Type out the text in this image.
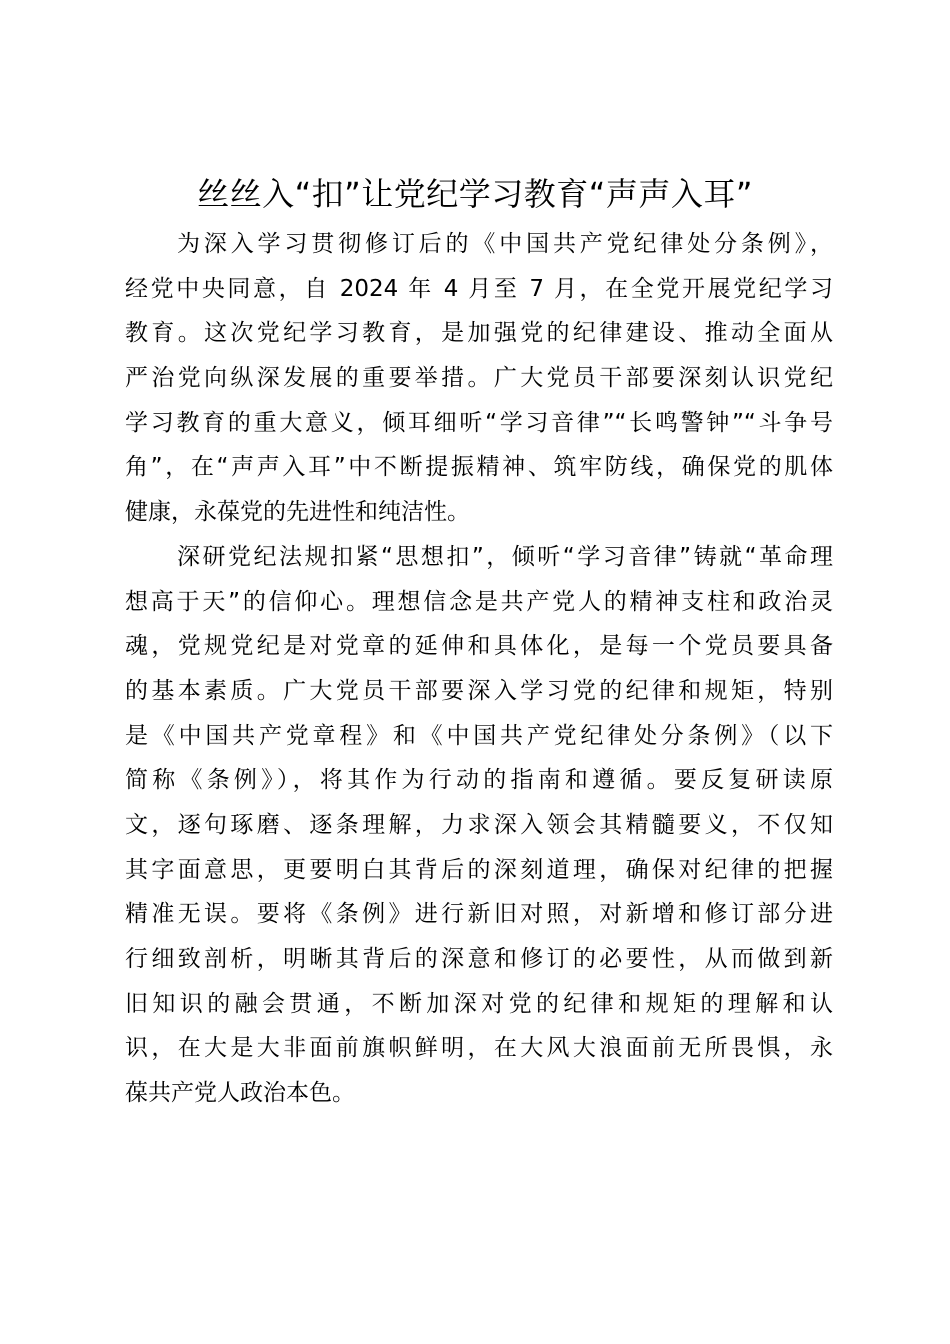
丝丝入“扣”让党纪学习教育“声声入耳”

为深入学习贯彻修订后的《中国共产党纪律处分条例》，
经党中央同意，自 2024 年 4 月至 7 月，在全党开展党纪学习
教育。这次党纪学习教育，是加强党的纪律建设、推动全面从
严治党向纵深发展的重要举措。广大党员干部要深刻认识党纪
学习教育的重大意义，倾耳细听“学习音律”“长鸣警钟”“斗争号
角”，在“声声入耳”中不断提振精神、筑牢防线，确保党的肌体
健康，永葆党的先进性和纯洁性。

深研党纪法规扣紧“思想扣”，倾听“学习音律”铸就“革命理
想高于天”的信仰心。理想信念是共产党人的精神支柱和政治灵
魂，党规党纪是对党章的延伸和具体化，是每一个党员要具备
的基本素质。广大党员干部要深入学习党的纪律和规矩，特别
是《中国共产党章程》和《中国共产党纪律处分条例》（以下
简称《条例》），将其作为行动的指南和遵循。要反复研读原
文，逐句琢磨、逐条理解，力求深入领会其精髓要义，不仅知
其字面意思，更要明白其背后的深刻道理，确保对纪律的把握
精准无误。要将《条例》进行新旧对照，对新增和修订部分进
行细致剖析，明晰其背后的深意和修订的必要性，从而做到新
旧知识的融会贯通，不断加深对党的纪律和规矩的理解和认
识，在大是大非面前旗帜鲜明，在大风大浪面前无所畏惧，永
葆共产党人政治本色。
